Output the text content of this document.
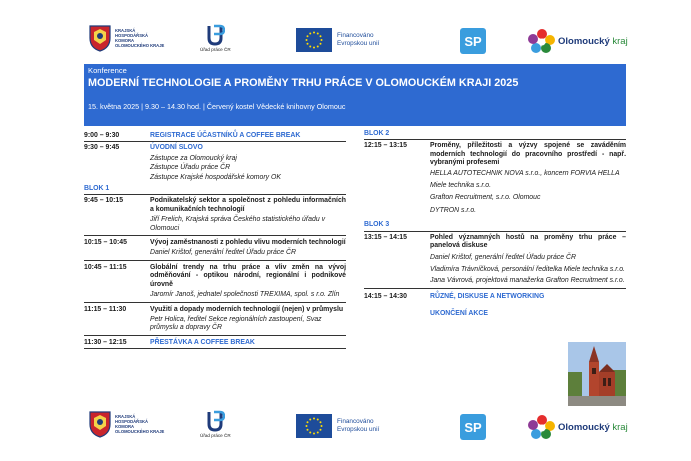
KRAJSKÁ HOSPODÁŘSKÁ KOMORA OLOMOUCKÉHO KRAJE
Úřad práce ČR
Financováno
Evropskou unií	SP	Olomoucký kraj
Konference
MODERNÍ TECHNOLOGIE A PROMĚNY TRHU PRÁCE V OLOMOUCKÉM KRAJI 2025
15. května 2025 | 9.30 – 14.30 hod. | Červený kostel Vědecké knihovny Olomouc
9:00 – 9:30	REGISTRACE ÚČASTNÍKŮ A COFFEE BREAK
9:30 – 9:45	ÚVODNÍ SLOVO
Zástupce za Olomoucký kraj
Zástupce Úřadu práce ČR
Zástupce Krajské hospodářské komory OK
BLOK 1
9:45 – 10:15	Podnikatelský sektor a společnost z pohledu informačních a komunikačních technologií
Jiří Frelich, Krajská správa Českého statistického úřadu v Olomouci
10:15 – 10:45	Vývoj zaměstnanosti z pohledu vlivu moderních technologií
Daniel Krištof, generální ředitel Úřadu práce ČR
10:45 – 11:15	Globální trendy na trhu práce a vliv změn na vývoj odměňování - optikou národní, regionální i podnikové úrovně
Jaromír Janoš, jednatel společnosti TREXIMA, spol. s r.o. Zlín
11:15 – 11:30	Využití a dopady moderních technologií (nejen) v průmyslu
Petr Holica, ředitel Sekce regionálních zastoupení, Svaz průmyslu a dopravy ČR
11:30 – 12:15	PŘESTÁVKA A COFFEE BREAK
BLOK 2
12:15 – 13:15	Proměny, příležitosti a výzvy spojené se zaváděním moderních technologií do pracovního prostředí - např. vybranými profesemi
HELLA AUTOTECHNIK NOVA s.r.o., koncern FORVIA HELLA
Miele technika s.r.o.
Grafton Recruitment, s.r.o. Olomouc
DYTRON s.r.o.
BLOK 3
13:15 – 14:15	Pohled významných hostů na proměny trhu práce – panelová diskuse
Daniel Krištof, generální ředitel Úřadu práce ČR
Vladimíra Trávníčková, personální ředitelka Miele technika s.r.o.
Jana Vávrová, projektová manažerka Grafton Recruitment s.r.o.
14:15 – 14:30	RŮZNÉ, DISKUSE A NETWORKING
UKONČENÍ AKCE
KRAJSKÁ HOSPODÁŘSKÁ KOMORA OLOMOUCKÉHO KRAJE
Úřad práce ČR
Financováno
Evropskou unií	SP	Olomoucký kraj
